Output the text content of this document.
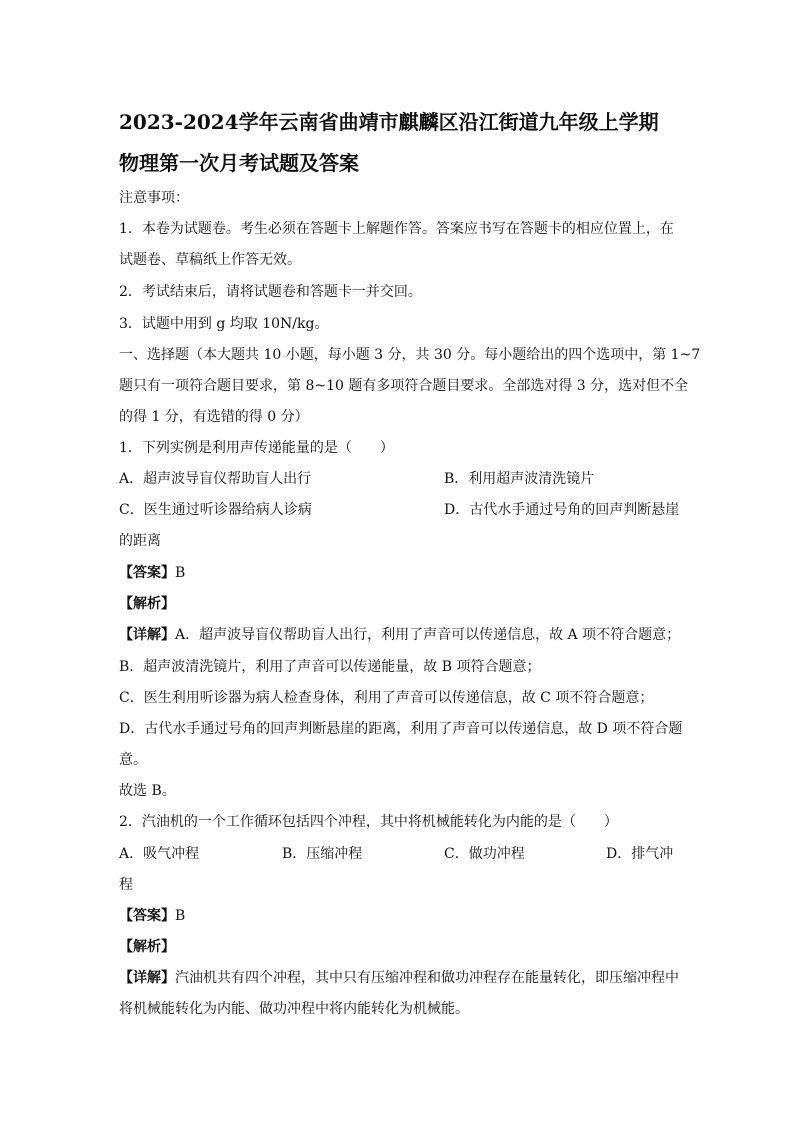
2023-2024学年云南省曲靖市麒麟区沿江街道九年级上学期
物理第一次月考试题及答案
注意事项：
1．本卷为试题卷。考生必须在答题卡上解题作答。答案应书写在答题卡的相应位置上，在
试题卷、草稿纸上作答无效。
2．考试结束后，请将试题卷和答题卡一并交回。
3．试题中用到 g 均取 10N/kg。
一、选择题（本大题共 10 小题，每小题 3 分，共 30 分。每小题给出的四个选项中，第 1~7
题只有一项符合题目要求，第 8~10 题有多项符合题目要求。全部选对得 3 分，选对但不全
的得 1 分，有选错的得 0 分）
1．下列实例是利用声传递能量的是（　　）
A．超声波导盲仪帮助盲人出行	B．利用超声波清洗镜片
C．医生通过听诊器给病人诊病	D．古代水手通过号角的回声判断悬崖
的距离
【答案】B
【解析】
【详解】A．超声波导盲仪帮助盲人出行，利用了声音可以传递信息，故 A 项不符合题意；
B．超声波清洗镜片，利用了声音可以传递能量，故 B 项符合题意；
C．医生利用听诊器为病人检查身体，利用了声音可以传递信息，故 C 项不符合题意；
D．古代水手通过号角的回声判断悬崖的距离，利用了声音可以传递信息，故 D 项不符合题
意。
故选 B。
2．汽油机的一个工作循环包括四个冲程，其中将机械能转化为内能的是（　　）
A．吸气冲程	B．压缩冲程	C．做功冲程	D．排气冲
程
【答案】B
【解析】
【详解】汽油机共有四个冲程，其中只有压缩冲程和做功冲程存在能量转化，即压缩冲程中
将机械能转化为内能、做功冲程中将内能转化为机械能。
